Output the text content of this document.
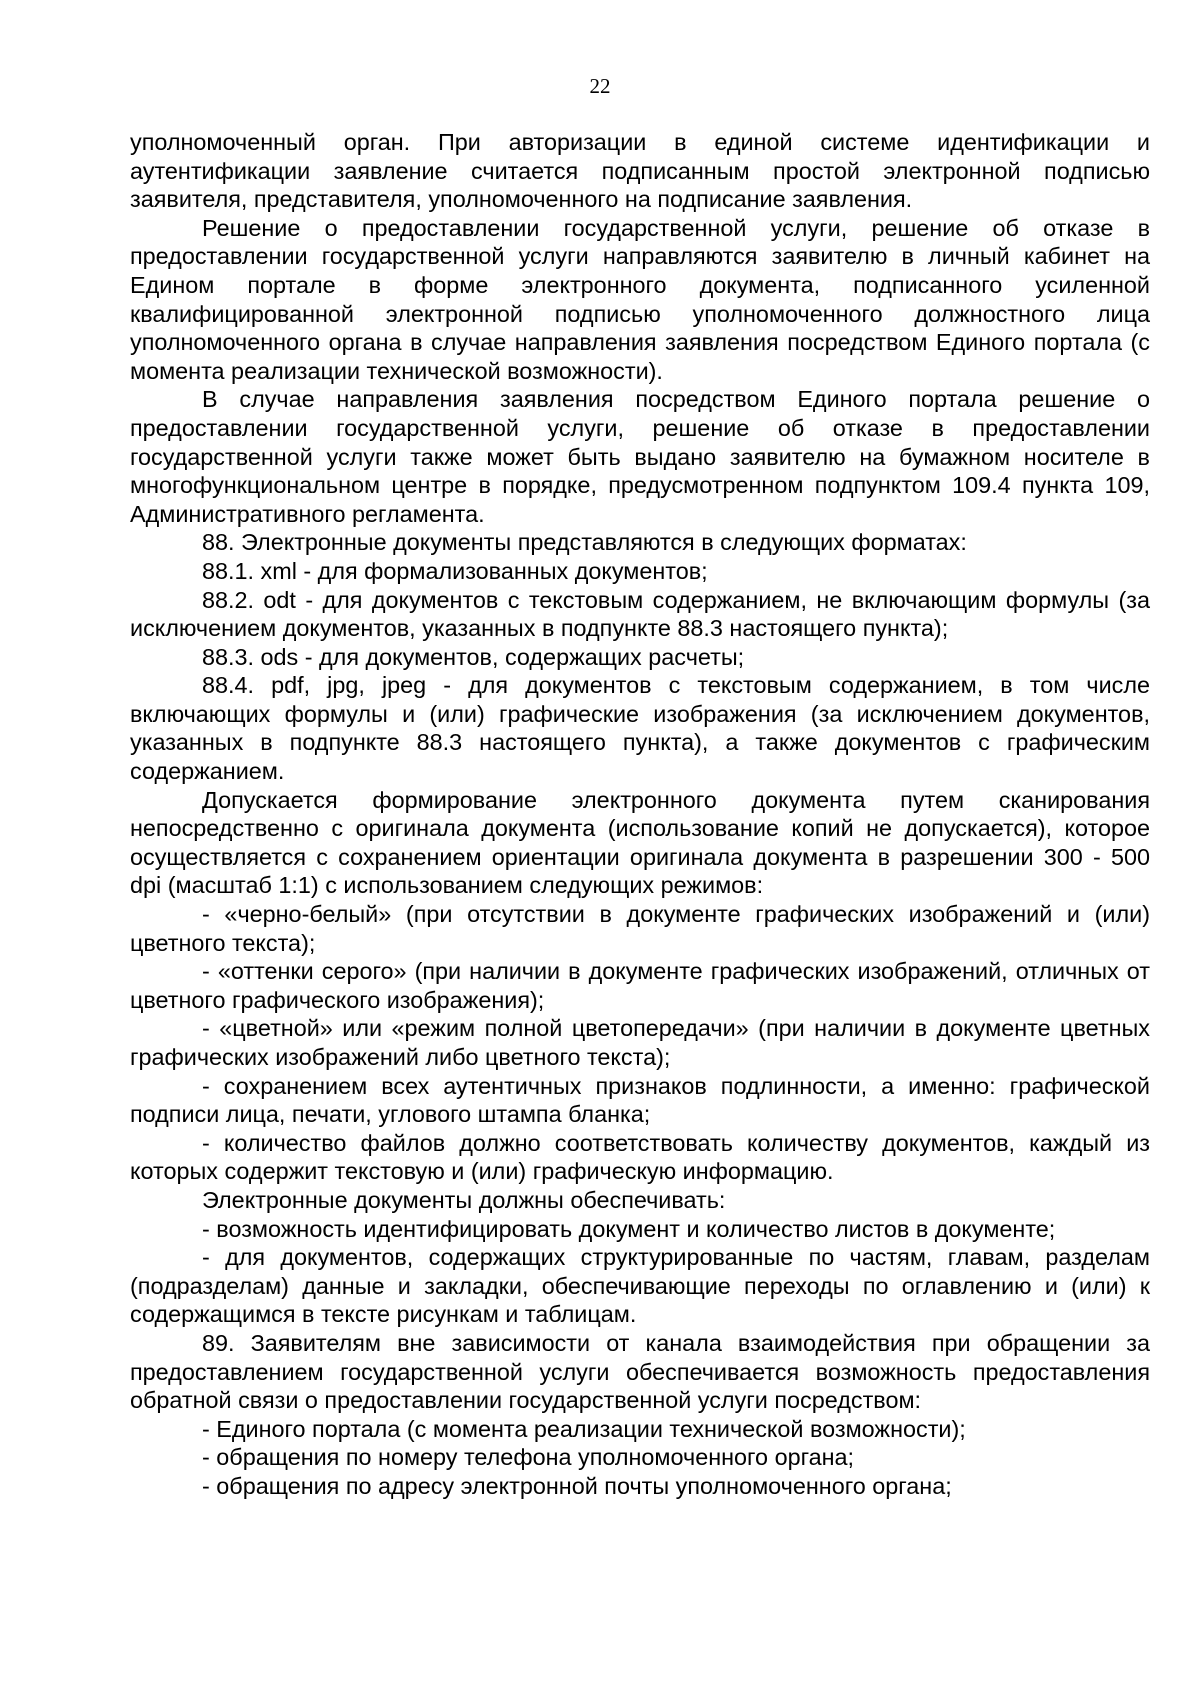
22

уполномоченный орган. При авторизации в единой системе идентификации и аутентификации заявление считается подписанным простой электронной подписью заявителя, представителя, уполномоченного на подписание заявления.

Решение о предоставлении государственной услуги, решение об отказе в предоставлении государственной услуги направляются заявителю в личный кабинет на Едином портале в форме электронного документа, подписанного усиленной квалифицированной электронной подписью уполномоченного должностного лица уполномоченного органа в случае направления заявления посредством Единого портала (с момента реализации технической возможности).

В случае направления заявления посредством Единого портала решение о предоставлении государственной услуги, решение об отказе в предоставлении государственной услуги также может быть выдано заявителю на бумажном носителе в многофункциональном центре в порядке, предусмотренном подпунктом 109.4 пункта 109, Административного регламента.

88. Электронные документы представляются в следующих форматах:

88.1. xml - для формализованных документов;

88.2. odt - для документов с текстовым содержанием, не включающим формулы (за исключением документов, указанных в подпункте 88.3 настоящего пункта);

88.3. ods - для документов, содержащих расчеты;

88.4. pdf, jpg, jpeg - для документов с текстовым содержанием, в том числе включающих формулы и (или) графические изображения (за исключением документов, указанных в подпункте 88.3 настоящего пункта), а также документов с графическим содержанием.

Допускается формирование электронного документа путем сканирования непосредственно с оригинала документа (использование копий не допускается), которое осуществляется с сохранением ориентации оригинала документа в разрешении 300 - 500 dpi (масштаб 1:1) с использованием следующих режимов:

- «черно-белый» (при отсутствии в документе графических изображений и (или) цветного текста);

- «оттенки серого» (при наличии в документе графических изображений, отличных от цветного графического изображения);

- «цветной» или «режим полной цветопередачи» (при наличии в документе цветных графических изображений либо цветного текста);

- сохранением всех аутентичных признаков подлинности, а именно: графической подписи лица, печати, углового штампа бланка;

- количество файлов должно соответствовать количеству документов, каждый из которых содержит текстовую и (или) графическую информацию.

Электронные документы должны обеспечивать:

- возможность идентифицировать документ и количество листов в документе;

- для документов, содержащих структурированные по частям, главам, разделам (подразделам) данные и закладки, обеспечивающие переходы по оглавлению и (или) к содержащимся в тексте рисункам и таблицам.

89. Заявителям вне зависимости от канала взаимодействия при обращении за предоставлением государственной услуги обеспечивается возможность предоставления обратной связи о предоставлении государственной услуги посредством:

- Единого портала (с момента реализации технической возможности);

- обращения по номеру телефона уполномоченного органа;

- обращения по адресу электронной почты уполномоченного органа;
